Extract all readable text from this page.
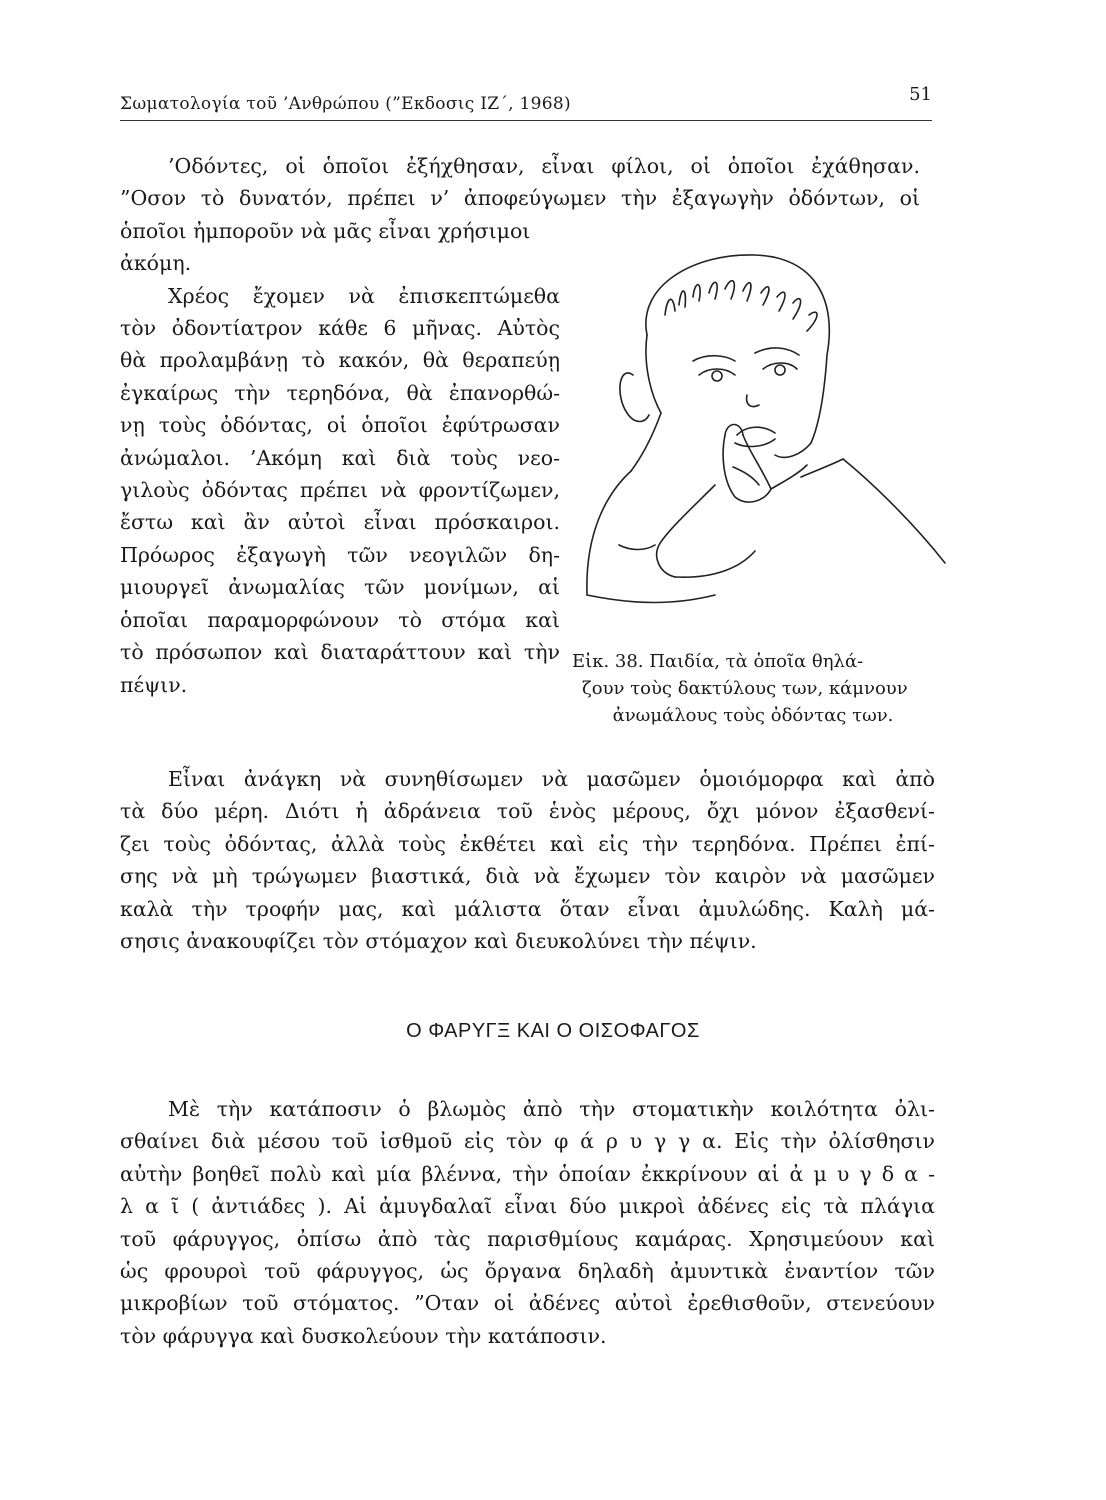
Σωματολογία τοῦ ’Ανθρώπου (”Εκδοσις ΙΖ΄, 1968)	51
’Οδόντες, οἱ ὁποῖοι ἐξήχθησαν, εἶναι φίλοι, οἱ ὁποῖοι ἐχάθησαν.
”Οσον τὸ δυνατόν, πρέπει ν’ ἀποφεύγωμεν τὴν ἐξαγωγὴν ὀδόντων, οἱ
ὁποῖοι ἠμποροῦν νὰ μᾶς εἶναι χρήσιμοι
ἀκόμη.
Χρέος ἔχομεν νὰ ἐπισκεπτώμεθα
τὸν ὀδοντίατρον κάθε 6 μῆνας. Αὐτὸς
θὰ προλαμβάνῃ τὸ κακόν, θὰ θεραπεύῃ
ἐγκαίρως τὴν τερηδόνα, θὰ ἐπανορθώ-
νῃ τοὺς ὀδόντας, οἱ ὁποῖοι ἐφύτρωσαν
ἀνώμαλοι. ’Ακόμη καὶ διὰ τοὺς νεο-
γιλοὺς ὀδόντας πρέπει νὰ φροντίζωμεν,
ἔστω καὶ ἂν αὐτοὶ εἶναι πρόσκαιροι.
Πρόωρος ἐξαγωγὴ τῶν νεογιλῶν δη-
μιουργεῖ ἀνωμαλίας τῶν μονίμων, αἱ
ὁποῖαι παραμορφώνουν τὸ στόμα καὶ
τὸ πρόσωπον καὶ διαταράττουν καὶ τὴν
πέψιν.
Εἰκ. 38. Παιδία, τὰ ὁποῖα θηλά-
ζουν τοὺς δακτύλους των, κάμνουν
ἀνωμάλους τοὺς ὀδόντας των.
Εἶναι ἀνάγκη νὰ συνηθίσωμεν νὰ μασῶμεν ὁμοιόμορφα καὶ ἀπὸ
τὰ δύο μέρη. Διότι ἡ ἀδράνεια τοῦ ἑνὸς μέρους, ὄχι μόνον ἐξασθενί-
ζει τοὺς ὀδόντας, ἀλλὰ τοὺς ἐκθέτει καὶ εἰς τὴν τερηδόνα. Πρέπει ἐπί-
σης νὰ μὴ τρώγωμεν βιαστικά, διὰ νὰ ἔχωμεν τὸν καιρὸν νὰ μασῶμεν
καλὰ τὴν τροφήν μας, καὶ μάλιστα ὅταν εἶναι ἀμυλώδης. Καλὴ μά-
σησις ἀνακουφίζει τὸν στόμαχον καὶ διευκολύνει τὴν πέψιν.
Ο ΦΑΡΥΓΞ ΚΑΙ Ο ΟΙΣΟΦΑΓΟΣ
Μὲ τὴν κατάποσιν ὁ βλωμὸς ἀπὸ τὴν στοματικὴν κοιλότητα ὀλι-
σθαίνει διὰ μέσου τοῦ ἰσθμοῦ εἰς τὸν φ ά ρ υ γ γ α. Εἰς τὴν ὀλίσθησιν
αὐτὴν βοηθεῖ πολὺ καὶ μία βλέννα, τὴν ὁποίαν ἐκκρίνουν αἱ ἀ μ υ γ δ α -
λ α ῖ ( ἀντιάδες ). Αἱ ἀμυγδαλαῖ εἶναι δύο μικροὶ ἀδένες εἰς τὰ πλάγια
τοῦ φάρυγγος, ὀπίσω ἀπὸ τὰς παρισθμίους καμάρας. Χρησιμεύουν καὶ
ὡς φρουροὶ τοῦ φάρυγγος, ὡς ὄργανα δηλαδὴ ἀμυντικὰ ἐναντίον τῶν
μικροβίων τοῦ στόματος. ”Οταν οἱ ἀδένες αὐτοὶ ἐρεθισθοῦν, στενεύουν
τὸν φάρυγγα καὶ δυσκολεύουν τὴν κατάποσιν.
